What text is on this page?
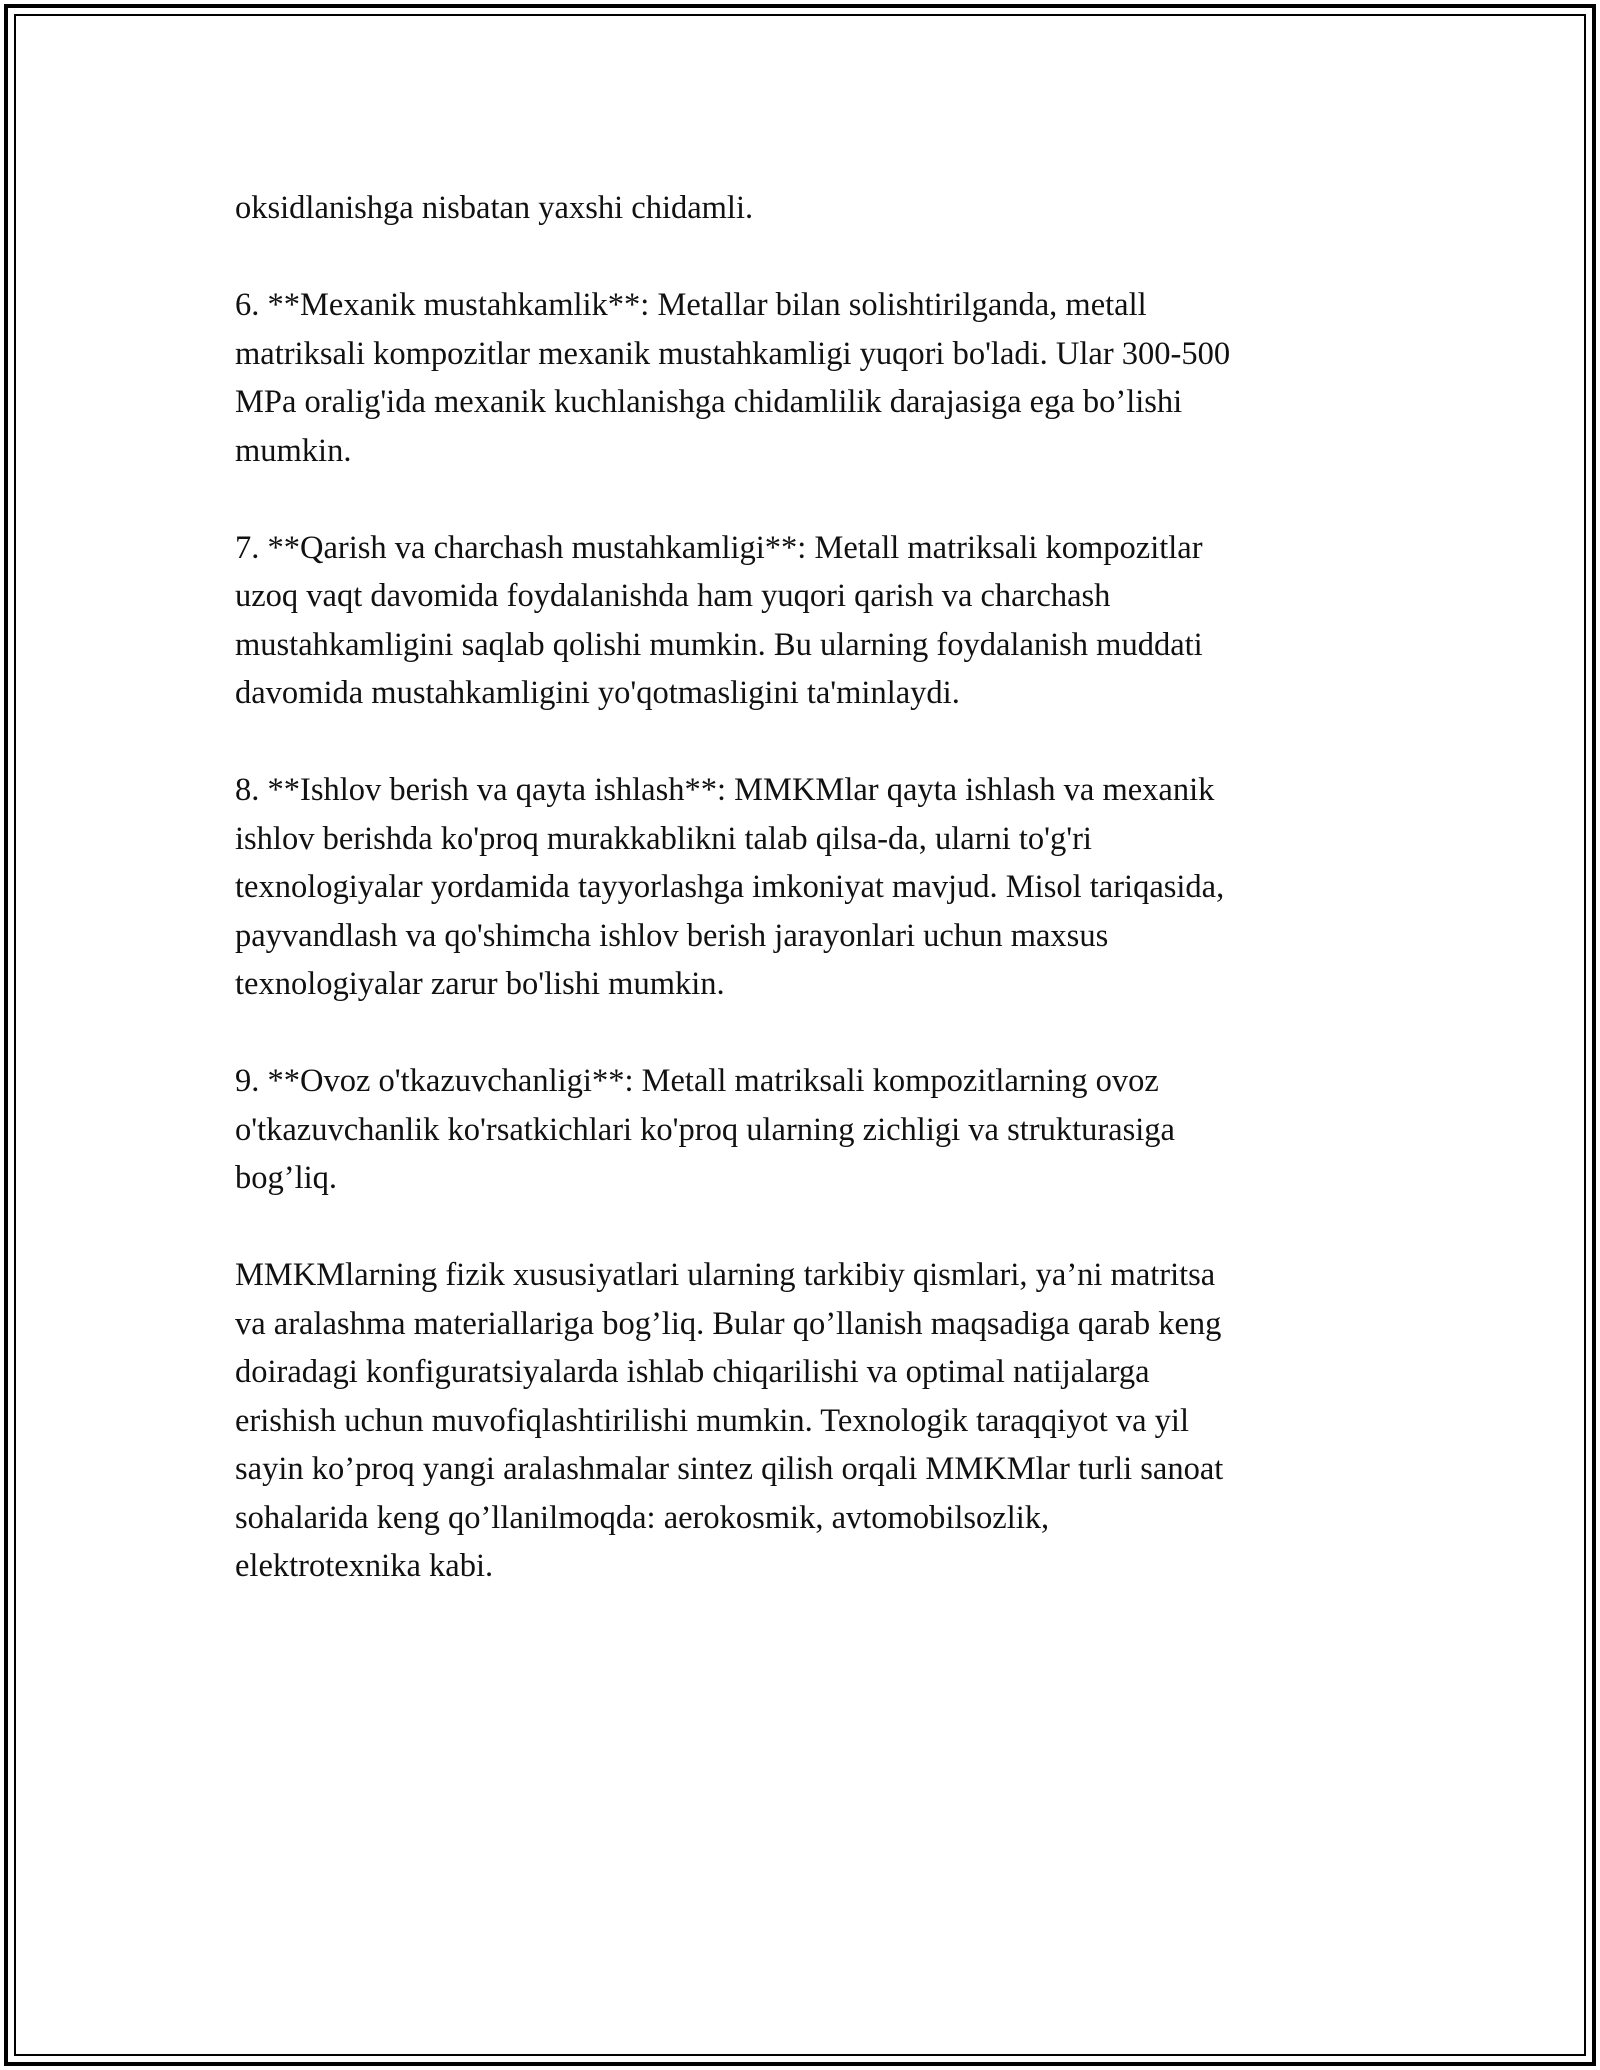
oksidlanishga nisbatan yaxshi chidamli.

6. **Mexanik mustahkamlik**: Metallar bilan solishtirilganda, metall
matriksali kompozitlar mexanik mustahkamligi yuqori bo'ladi. Ular 300-500
MPa oralig'ida mexanik kuchlanishga chidamlilik darajasiga ega bo’lishi
mumkin.

7. **Qarish va charchash mustahkamligi**: Metall matriksali kompozitlar
uzoq vaqt davomida foydalanishda ham yuqori qarish va charchash
mustahkamligini saqlab qolishi mumkin. Bu ularning foydalanish muddati
davomida mustahkamligini yo'qotmasligini ta'minlaydi.

8. **Ishlov berish va qayta ishlash**: MMKMlar qayta ishlash va mexanik
ishlov berishda ko'proq murakkablikni talab qilsa-da, ularni to'g'ri
texnologiyalar yordamida tayyorlashga imkoniyat mavjud. Misol tariqasida,
payvandlash va qo'shimcha ishlov berish jarayonlari uchun maxsus
texnologiyalar zarur bo'lishi mumkin.

9. **Ovoz o'tkazuvchanligi**: Metall matriksali kompozitlarning ovoz
o'tkazuvchanlik ko'rsatkichlari ko'proq ularning zichligi va strukturasiga
bog’liq.

MMKMlarning fizik xususiyatlari ularning tarkibiy qismlari, ya’ni matritsa
va aralashma materiallariga bog’liq. Bular qo’llanish maqsadiga qarab keng
doiradagi konfiguratsiyalarda ishlab chiqarilishi va optimal natijalarga
erishish uchun muvofiqlashtirilishi mumkin. Texnologik taraqqiyot va yil
sayin ko’proq yangi aralashmalar sintez qilish orqali MMKMlar turli sanoat
sohalarida keng qo’llanilmoqda: aerokosmik, avtomobilsozlik,
elektrotexnika kabi.
